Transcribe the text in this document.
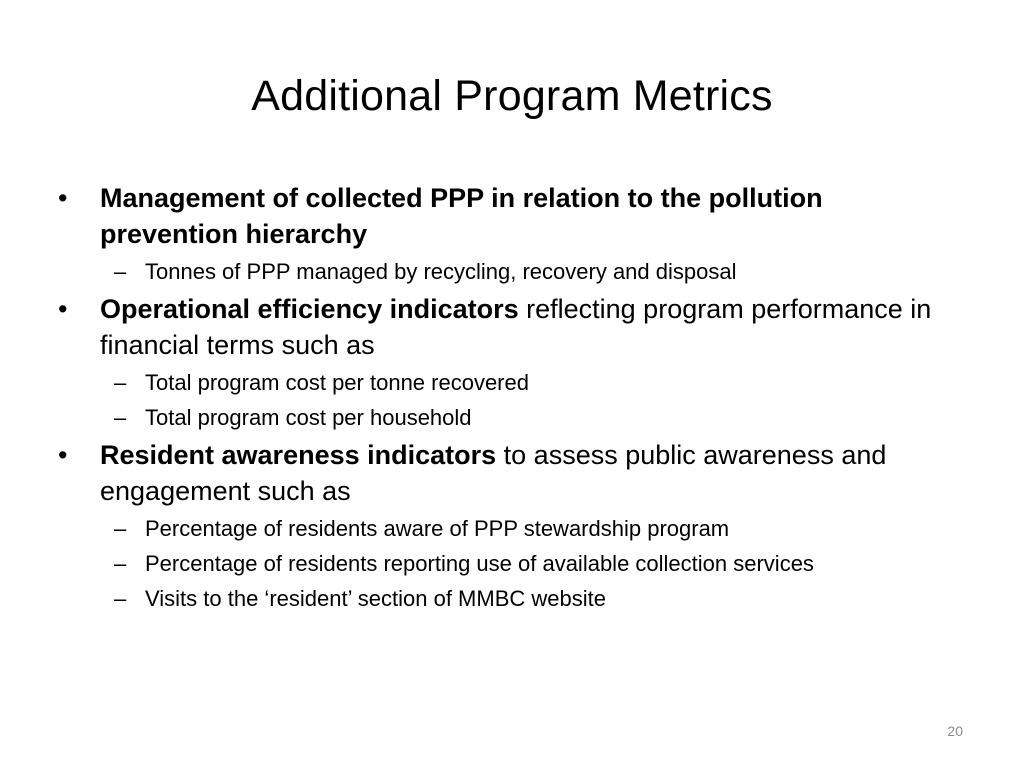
Additional Program Metrics
•	Management of collected PPP in relation to the pollution prevention hierarchy
– Tonnes of PPP managed by recycling, recovery and disposal
•	Operational efficiency indicators reflecting program performance in financial terms such as
– Total program cost per tonne recovered
– Total program cost per household
•	Resident awareness indicators to assess public awareness and engagement such as
– Percentage of residents aware of PPP stewardship program
– Percentage of residents reporting use of available collection services
– Visits to the ‘resident’ section of MMBC website
20
